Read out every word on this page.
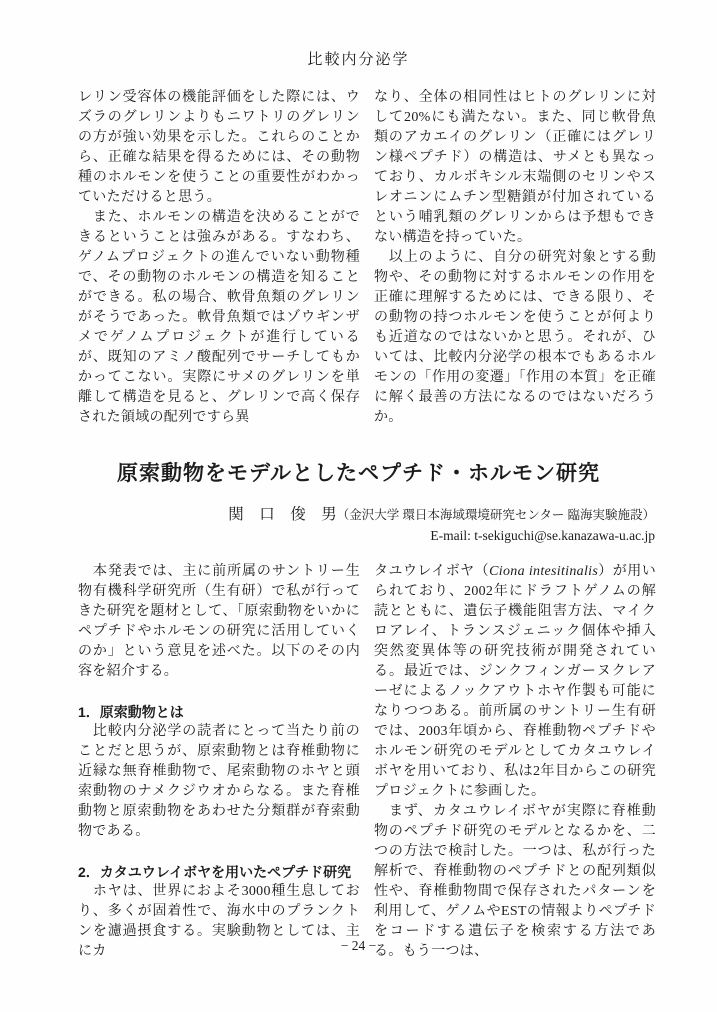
比較内分泌学

レリン受容体の機能評価をした際には、ウズラのグレリンよりもニワトリのグレリンの方が強い効果を示した。これらのことから、正確な結果を得るためには、その動物種のホルモンを使うことの重要性がわかっていただけると思う。

　また、ホルモンの構造を決めることができるということは強みがある。すなわち、ゲノムプロジェクトの進んでいない動物種で、その動物のホルモンの構造を知ることができる。私の場合、軟骨魚類のグレリンがそうであった。軟骨魚類ではゾウギンザメでゲノムプロジェクトが進行しているが、既知のアミノ酸配列でサーチしてもかかってこない。実際にサメのグレリンを単離して構造を見ると、グレリンで高く保存された領域の配列ですら異

なり、全体の相同性はヒトのグレリンに対して20%にも満たない。また、同じ軟骨魚類のアカエイのグレリン（正確にはグレリン様ペプチド）の構造は、サメとも異なっており、カルボキシル末端側のセリンやスレオニンにムチン型糖鎖が付加されているという哺乳類のグレリンからは予想もできない構造を持っていた。

　以上のように、自分の研究対象とする動物や、その動物に対するホルモンの作用を正確に理解するためには、できる限り、その動物の持つホルモンを使うことが何よりも近道なのではないかと思う。それが、ひいては、比較内分泌学の根本でもあるホルモンの「作用の変遷」「作用の本質」を正確に解く最善の方法になるのではないだろうか。

原索動物をモデルとしたペプチド・ホルモン研究
関　口　俊　男（金沢大学 環日本海域環境研究センター 臨海実験施設）
E-mail: t-sekiguchi@se.kanazawa-u.ac.jp

　本発表では、主に前所属のサントリー生物有機科学研究所（生有研）で私が行ってきた研究を題材として、「原索動物をいかにペプチドやホルモンの研究に活用していくのか」という意見を述べた。以下のその内容を紹介する。

1．原索動物とは

　比較内分泌学の読者にとって当たり前のことだと思うが、原索動物とは脊椎動物に近縁な無脊椎動物で、尾索動物のホヤと頭索動物のナメクジウオからなる。また脊椎動物と原索動物をあわせた分類群が脊索動物である。

2．カタユウレイボヤを用いたペプチド研究

　ホヤは、世界におよそ3000種生息しており、多くが固着性で、海水中のプランクトンを濾過摂食する。実験動物としては、主にカ

タユウレイボヤ（Ciona intesitinalis）が用いられており、2002年にドラフトゲノムの解読とともに、遺伝子機能阻害方法、マイクロアレイ、トランスジェニック個体や挿入突然変異体等の研究技術が開発されている。最近では、ジンクフィンガーヌクレアーゼによるノックアウトホヤ作製も可能になりつつある。前所属のサントリー生有研では、2003年頃から、脊椎動物ペプチドやホルモン研究のモデルとしてカタユウレイボヤを用いており、私は2年目からこの研究プロジェクトに参画した。

　まず、カタユウレイボヤが実際に脊椎動物のペプチド研究のモデルとなるかを、二つの方法で検討した。一つは、私が行った解析で、脊椎動物のペプチドとの配列類似性や、脊椎動物間で保存されたパターンを利用して、ゲノムやESTの情報よりペプチドをコードする遺伝子を検索する方法である。もう一つは、

− 24 −
